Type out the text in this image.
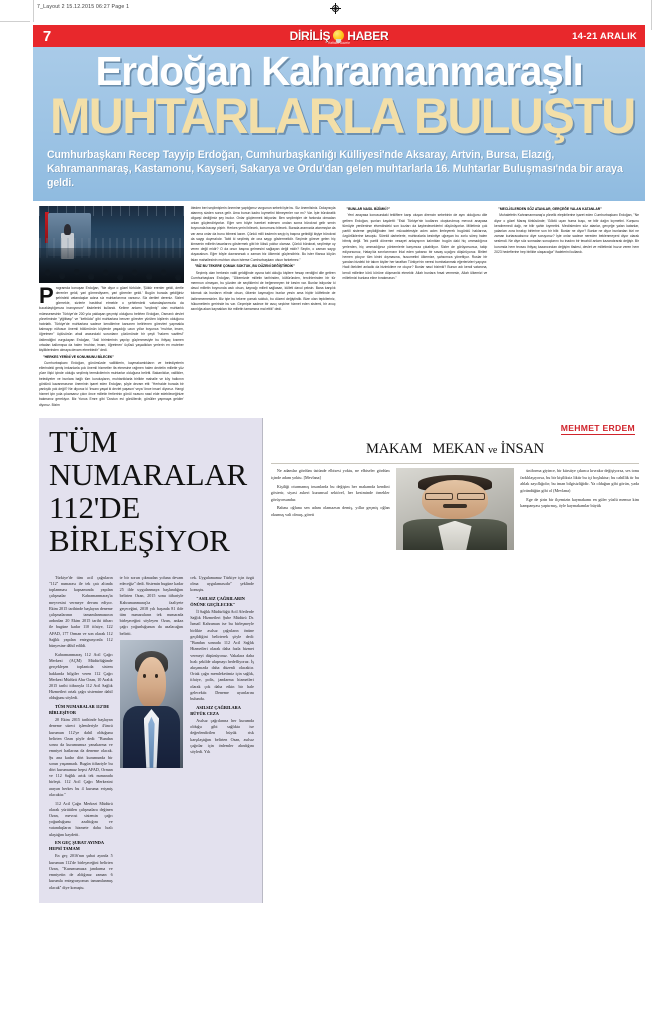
7_Layout 2 15.12.2015 06:27 Page 1
7	DİRİLİŞ HABER
Haftalık Gazete
14-21 ARALIK
Erdoğan Kahramanmaraşlı
MUHTARLARLA BULUŞTU
Cumhurbaşkanı Recep Tayyip Erdoğan, Cumhurbaşkanlığı Külliyesi'nde Aksaray, Artvin, Bursa, Elazığ, Kahramanmaraş, Kastamonu, Kayseri, Sakarya ve Ordu'dan gelen muhtarlarla 16. Muhtarlar Buluşması'nda bir araya geldi.

Programda konuşan Erdoğan, "Ne diyor o güzel türküde, 'Şükür erenler geldi, dertle derenler geldi, yari görmediysem, yari görenler geldi.' Bugün burada geldiğiniz şehirdeki vatandaşlar adına siz muhtarlarımız varsınız. Siz dertleri dereniz. Sizleri görmekle, sizlerle hasbihal etmekle o şehirlerdeki vatandaşlarımızla da kucaklaştığımıza inanıyorum" ifadelerini kullandı. Kelime anlamı "seçilmiş" olan muhtarlık müessesesinin Türkiye'de 200 yıla yaklaşan geçmişi olduğunu belirten Erdoğan, Osmanlı devlet yönetiminde "yiğitbaşı" ve "kethüda" gibi muhtarlara benzer görevler yürüten kişilerin olduğunu hatırlattı. Türkiye'de muhtarlara sadece kendilerine kanunen belirlenen görevleri yapmakla kalmayıp nüfusun önemli bölümünün köylerde yaşadığı uzun yıllar boyunca "muhtar, imam, öğretmen" üçlüsünün ahali arasındaki sorunların çözümünde bir çeşit "hakem vazifesi" üstlendiğini vurgulayan Erdoğan, "Asli birimlerinin yapılıp güçlenmesiyle bu ihtiyaç kısmen ortadan kalkmışsa da halen 'muhtar, imam, öğretmen' üçlüsü yaşadıkları yerlerin en muteber kişiliklerinden olmaya devam etmektedir" dedi.

"HERKES YERİNİ VE KONUMUNU BİLECEK"

Cumhurbaşkanı Erdoğan, günümüzde valiliklerin, kaymakamlıkların ve belediyelerin ellerindeki geniş imkanlarla çok önemli hizmetler ifa etmesine rağmen halen devletin milletle yüz yüze ilişki içinde olduğu seçilmiş temsilcilerinin muhtarlar olduğuna belirtti. Bakanlıklar, valilikler, belediyeler ve bunlara bağlı tüm kuruluşların, muhtarlıklarla birlikte mahalle ve köy halkının gönlünü kazanmasının öneminin işaret eden Erdoğan, şöyle devam etti: "Herhalde burada bir yanlışlık yok değil? Ne diyoruz ki 'İnsanı yaşat ki devlet yaşasın' veya 'önce insan' diyoruz. Hangi hizmet için yola çıkarsanız çıkın önce milletin fertlerinin gönül rızasını nasıl elde edebileceğinize bakmanız gerekiyor. Biz Yunus Emre gibi 'Dostun evi gönüllerdir, gönüller yapmaya geldim' diyoruz. Bizim

öteden beri seçilmişlerin önemine yaptığımız vurgunun sebebi işte bu. Siz önemlisiniz. Dolayısıyla atanmış sizden sonra gelir. Ama bunun kadro kıymetini bilmeyenler var mı? Var. İşte bürokratik oligarşi dediğimiz şey budur. Onlar güçlenmek istiyorlar. Ben seçilmişler de farkında olmadan onları güçlendiriyorlar. Eğer sen böyle hareket edersen ondan sonra bürokrat gelir senin boynunda bacayı pişirir. Herkes yerini bilecek, konumunu bilecek. Burada aramızda atanmışlar da var ama onlar da bunu bilmesi lazım. Çünkü milli iradenin seçip iş başına getirdiği kişiye bürokrat da saygı duymalıdır. Tabii ki seçilmiş de ona saygı göstermelidir. Seçimle göreve gelen hiç kimsenin milletin tasarlarını göstermek gibi bir lüksü yoktur olamaz. Çünkü bürokrat, seçilmişe oy veren değil midir? O da onun başına gelmesini sağlayan değil midir? Seçtin, o zaman saygı duyacaksın. Eğer böyle davranırsak o zaman biz ülkemizi güçlendiririz. Bu ister filanca köyün falan mahallesinin muhtarı olsun isterse Cumhurbaşkanı olsun farketmez."

"BİZ BU TEKERE ÇOMAK SOKTUK, BU DÜZENİ DEĞİŞTİRDİK"

Seçimiş olan herkesin vakti geldiğinde oyuna tabi olduğu kişilere hesap verdiğini dile getiren Cumhurbaşkanı Erdoğan, "Ülkemizde milletin tarihinden, kültüründen, tercihlerinden bir tür memnun olmayan, bu yüzden de seçtiklerini de beğenmeyen bir kesim var. Bunlar istiyorlar ki davul milletin boynunda asılı olsun, kaynağı milleti sağlasan, külleti davul çeksin. Bana karşılık tokmak da bunların elinde olsun, ülkenin kaymağını bunlar yesin ama hiçbir külfetinde de üstlenmemesinler. Biz işte bu tekere çomak soktuk, bu düzeni değiştirdik. Bize olan tepkileriniz, hükumetlerin geririnde bu var. Geçmişte sadece bir avuç seçkine hizmet eden sistemi, bir avuç azınlığa akan kaynakları biz milletin tamamına mal ettik" dedi.

"BUNLAR NASIL BİZİMKİ?"

Yeni anayasa konusundaki tekliflere karşı oluşan direncin sebebinin de aynı olduğunu dile getiren Erdoğan, şunları kaydetti: "Eski Türkiye'nin kodlarını oluşturulmuş mevcut anayasa tümüyle yenilenirse elverdindeki son kozları da kaybedeceklerini düşünüyorlar. Milletimiz çok partili sisteme geçildiğinden beri mücadelesiyle adım adım ilerleyerek bugünkü haklarına, özgürlüklerine kavuştu. Sürekli darbelerle, muhtıralarla kesintiye uğrayan bu zorlu süreç halen bitmiş değil. Tek partili dönemin vesayet anlayışının kalıntıları bugün daki hiç ummadığınız yerlerden, hiç ummadığınız yöntemlerle karşımıza çıkabiliyor. Sizler de görüyorsunuz, takip ediyorsunuz, Hatay'da sınırlarımızın ihlal eden yabancı bir savaş uçağını düşürüyoruz. Birileri hemen çıkıyor tüm kinini dışmasına, husumetini ülkemize, şahsımıza yöneltiyor. Ruslar bir yandan bizdeki bir takım kişiler her taraftan Türkiye'nin neresi bombalanmak eğerlerizleri yapıyor. Hadi ötekileri anladık da bizimkilere ne oluyor? Bunlar nasıl bizimki? Bunun adı kendi vatanına, kendi milletine körü körüne düşmanlık etmektir. Allah bunlara fırsat vermesin, Allah ülkemizi ve milletimizi bunlara eline bırakmasın."

"MECLİSLERDEN SÖZ ATANLAR, GERÇEĞE YALAN KATANLAR"

Muhalefetin Kahramanmaraş'a yönelik eleştirilerine işaret eden Cumhurbaşkanı Erdoğan, "Ne diyor o güzel Maraş türküsünde; 'Göktü uçan huma kuşu, ne bilir dağın kıymetini. Kurşunu kendiremedi dağı, ne bilir şahin kıymetini. Meclislerden söz atanlar, gerçeğe yalan katanlar, yalanları zora bırakıp birlerine son bir bilir. Bunlar ne diyor? Bunlar ne diyor bunlardan bizi ne zaman kurtaracaksınız diye soruyoruz? İşte onlar sadece nereden beklenmeyeni diyor olarak seslendi. Ne diye söz sonradan sonuçlarını bu inadını bir tecahül anlam kazandırarak değişir. Bir kurumda hem tevazu ihtiyaç kazancından değişim ifadesi, devlet ve milletimizi huzur veren hem 2023 hedeflerine hep birlikte ulaşacağız" ifadelerini kullandı.

TÜM NUMARALAR
112'DE BİRLEŞİYOR

Türkiye'de tüm acil çağrıların "112" numarası ile tek çatı altında toplanması kapsamında yapılan çalışmalar Kahramanmaraş'ta meyvesini vermeye devam ediyor. Ekim 2015 tarihinde başlayan deneme çalışmalarının tamamlanmasının ardından 20 Ekim 2015 tarihi itibarı ile bugüne kadar 110 itfaiye, 122 AFAD, 177 Orman ve son olarak 112 Sağlık yapılan entegrasyonla 112 bünyesine dâhil edildi.

Kahramanmaraş 112 Acil Çağrı Merkezi (AÇM) Müdürlüğünde gerçekleşen toplantıda sistem hakkında bilgiler veren 112 Çağrı Merkezi Müdürü Ahır Ozan, 10 Aralık 2015 tarihi itibarıyla 112 Acil Sağlık Hizmetleri ortak çağrı sistemine dahil olduğunu söyledi.

TÜM NUMARALAR 112'DE BİRLEŞİYOR

20 Ekim 2015 tarihinde başlayan deneme süreci işlemleriyle 4'üncü kurumun 112'ye dahil olduğunu belirten Ozan şöyle dedi: "Bundan sonra da kurumumuz yanakarma ve emniyet hatlarına da deneme olacak. Şu ana kadar dört kurumunda bir sorun yaşanmadı. Bugün itibariyle bu dört kurumumuz hepsi AFAD, Orman ve 112 Sağlık artık tek numarada birleşti. 112 Acil Çağrı Merkezini arayan herkes bu 4 kuruma erişmiş olacaktır."

112 Acil Çağrı Merkezi Müdürü olarak yürütülen çalışmalara değinen Ozan, mevcut sistemin çağrı yoğunluğunu azalttığını ve vatandaşların hizmete daha hızlı ulaştığını kaydetti.

EN GEÇ ŞUBAT AYINDA HEPSİ TAMAM

En geç 2016'nın şubat ayında 5 kurumun 112'de birleşeceğini belirten Ozan, "Kurumumuza jandarma ve emniyetin de aldığınız zaman 6 kurumla entegrasyonun tamamlanmış olacak" diye konuştu.

te bir sorun çıkmadan yoluna devam edeceğiz" dedi. Sistemin bugüne kadar 25 ilde uygulanmaya başlandığını belirten Ozan, 2015 sonu itibariyle Kahramanmaraş'ta faaliyete geçeceğini, 2018 yılı başında 81 ilde tüm numaraların tek numarada birleşeceğini söyleyen Ozan, ankaz çağrı yoğunluğunun da azalacağını belirtti.

cek. Uygulamamız Türkiye için özgü olma uygulamasıdır" şeklinde konuştu.

"ASILSIZ ÇAĞRILARIN ÖNÜNE GEÇİLECEK"

İl Sağlık Müdürlüğü Acil Afetlerde Sağlık Hizmetleri Şube Müdürü Dr. İsmail Kahraman ise bu birleşmeyle birlikte asılsız çağrıların önüne geçildiğini belirterek şöyle dedi: "Bundan sonrada 112 Acil Sağlık Hizmetleri olarak daha fazla hizmet vermeyi düşünüyoruz. Vakalara daha hızlı şekilde ulaşmayı hedefliyoruz. İş akışımızda daha düzenli olacaktır. Ortak çağrı memleketimiz için sağlık, itfaiye, polis, jandarma hizmetleri olarak çok daha etkin bir hale gelecektir. Deneme uyarılarını bulundu.

ASILSIZ ÇAĞRILARA BÜYÜK CEZA

Asılsız çağrılarına her kurumda olduğu gibi sağlıkta ise değerlendirilen büyük risk karşılaştığını belirten Ozan, asılsız çağrılar için önlemler alındığını söyledi. Yılı

MEHMET ERDEM
MAKAM MEKAN ve İNSAN

Ne adamlar gördüm üstünde elbisesi yoktu, ne elbiseler gördüm içinde adam yoktu. [Mevlana]

Kişiliği oturmamış insanlarda bu değişim her makamda kendini gösterir, siyasi askeri kurumsal sektörel, her kesiminde örnekler görüyorsundur.

Babası oğluna sen adam olamazsın demiş, yıllar geçmiş oğlan okumuş vali olmuş, göreti

üniforma giyince, bir kürsüye çıkınca kıvrakır değişiyorsa, ses tonu farklılaşıyorsa, bu bir kişiliksiz liktir bu içi boşluktur; bu cahillik tir bu ahlak zayıflığıdır; bu iman bilgisizliğidir. Ya olduğun gibi görün, yada göründüğün gibi ol (Mevlana)

Ege de şirin bir ilçemizin kaymakamı en güler yüzlü memur kim kampanyası yaptırmış, öyle kaymakamlar büyük
